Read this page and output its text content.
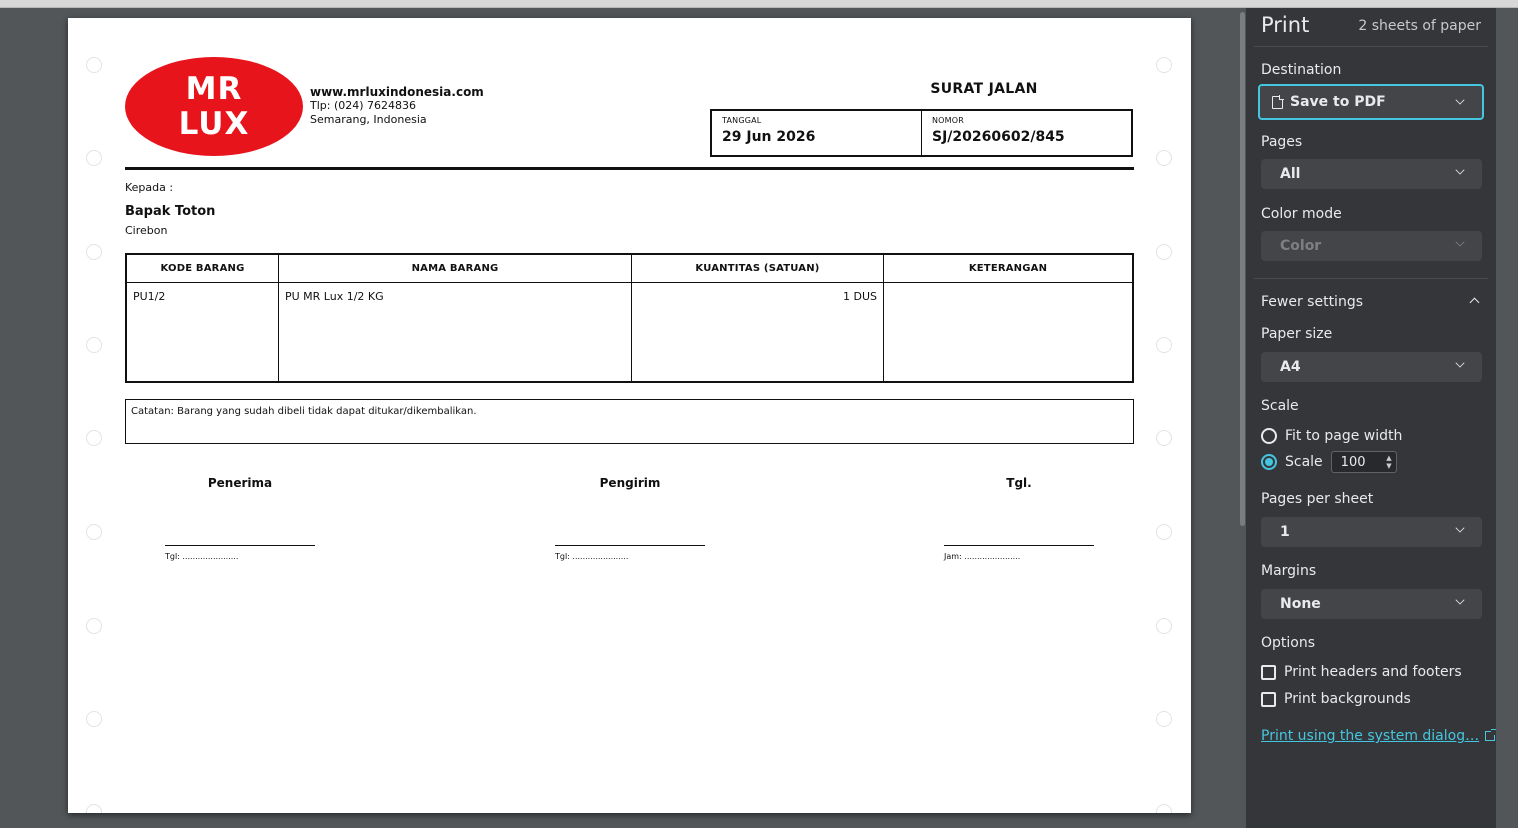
MR
LUX
www.mrluxindonesia.com
Tlp: (024) 7624836
Semarang, Indonesia
SURAT JALAN
TANGGAL
29 Jun 2026
NOMOR
SJ/20260602/845
Kepada :
Bapak Toton
Cirebon
KODE BARANG	NAMA BARANG	KUANTITAS (SATUAN)	KETERANGAN
PU1/2	PU MR Lux 1/2 KG	1 DUS
Catatan: Barang yang sudah dibeli tidak dapat ditukar/dikembalikan.
Penerima
Tgl: ......................
Pengirim
Tgl: ......................
Tgl.
Jam: ......................
Print	2 sheets of paper
Destination
Save to PDF
Pages
All
Color mode
Color
Fewer settings
Paper size
A4
Scale
Fit to page width
Scale 100	▲
▼
Pages per sheet
1
Margins
None
Options
Print headers and footers
Print backgrounds
Print using the system dialog…
